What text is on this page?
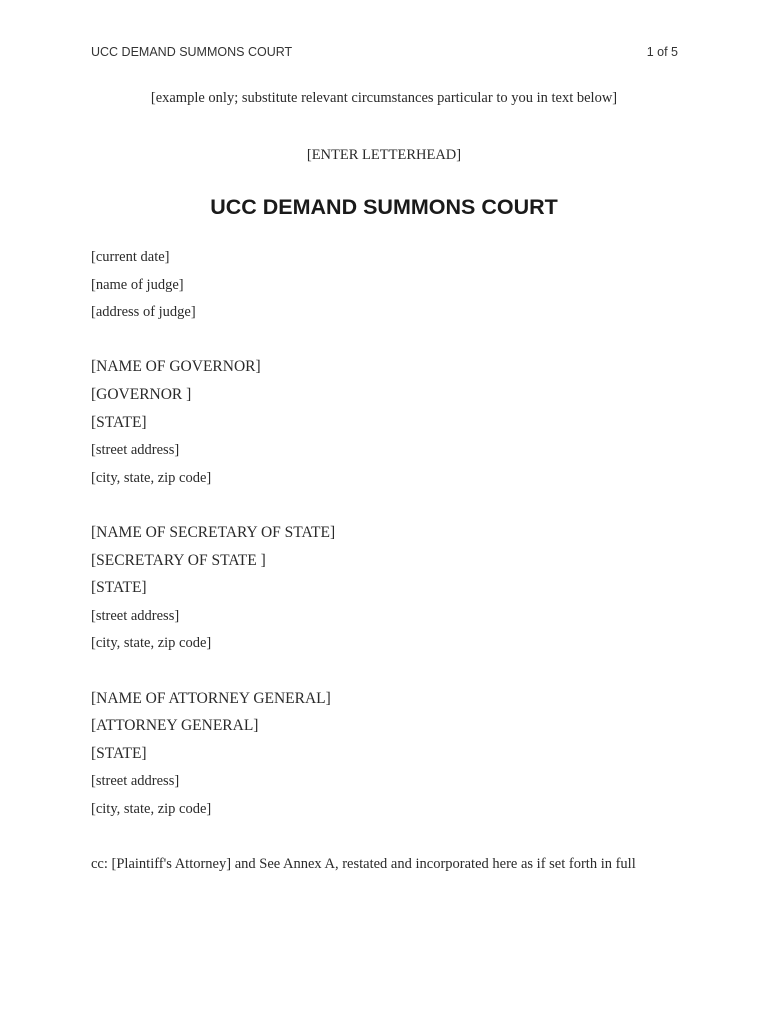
UCC DEMAND SUMMONS COURT	1 of 5
[example only; substitute relevant circumstances particular to you in text below]
[ENTER LETTERHEAD]
UCC DEMAND SUMMONS COURT
[current date]
[name of judge]
[address of judge]
[NAME OF GOVERNOR]
[GOVERNOR ]
[STATE]
[street address]
[city, state, zip code]
[NAME OF SECRETARY OF STATE]
[SECRETARY OF STATE ]
[STATE]
[street address]
[city, state, zip code]
[NAME OF ATTORNEY GENERAL]
[ATTORNEY GENERAL]
[STATE]
[street address]
[city, state, zip code]
cc: [Plaintiff's Attorney] and See Annex A, restated and incorporated here as if set forth in full
